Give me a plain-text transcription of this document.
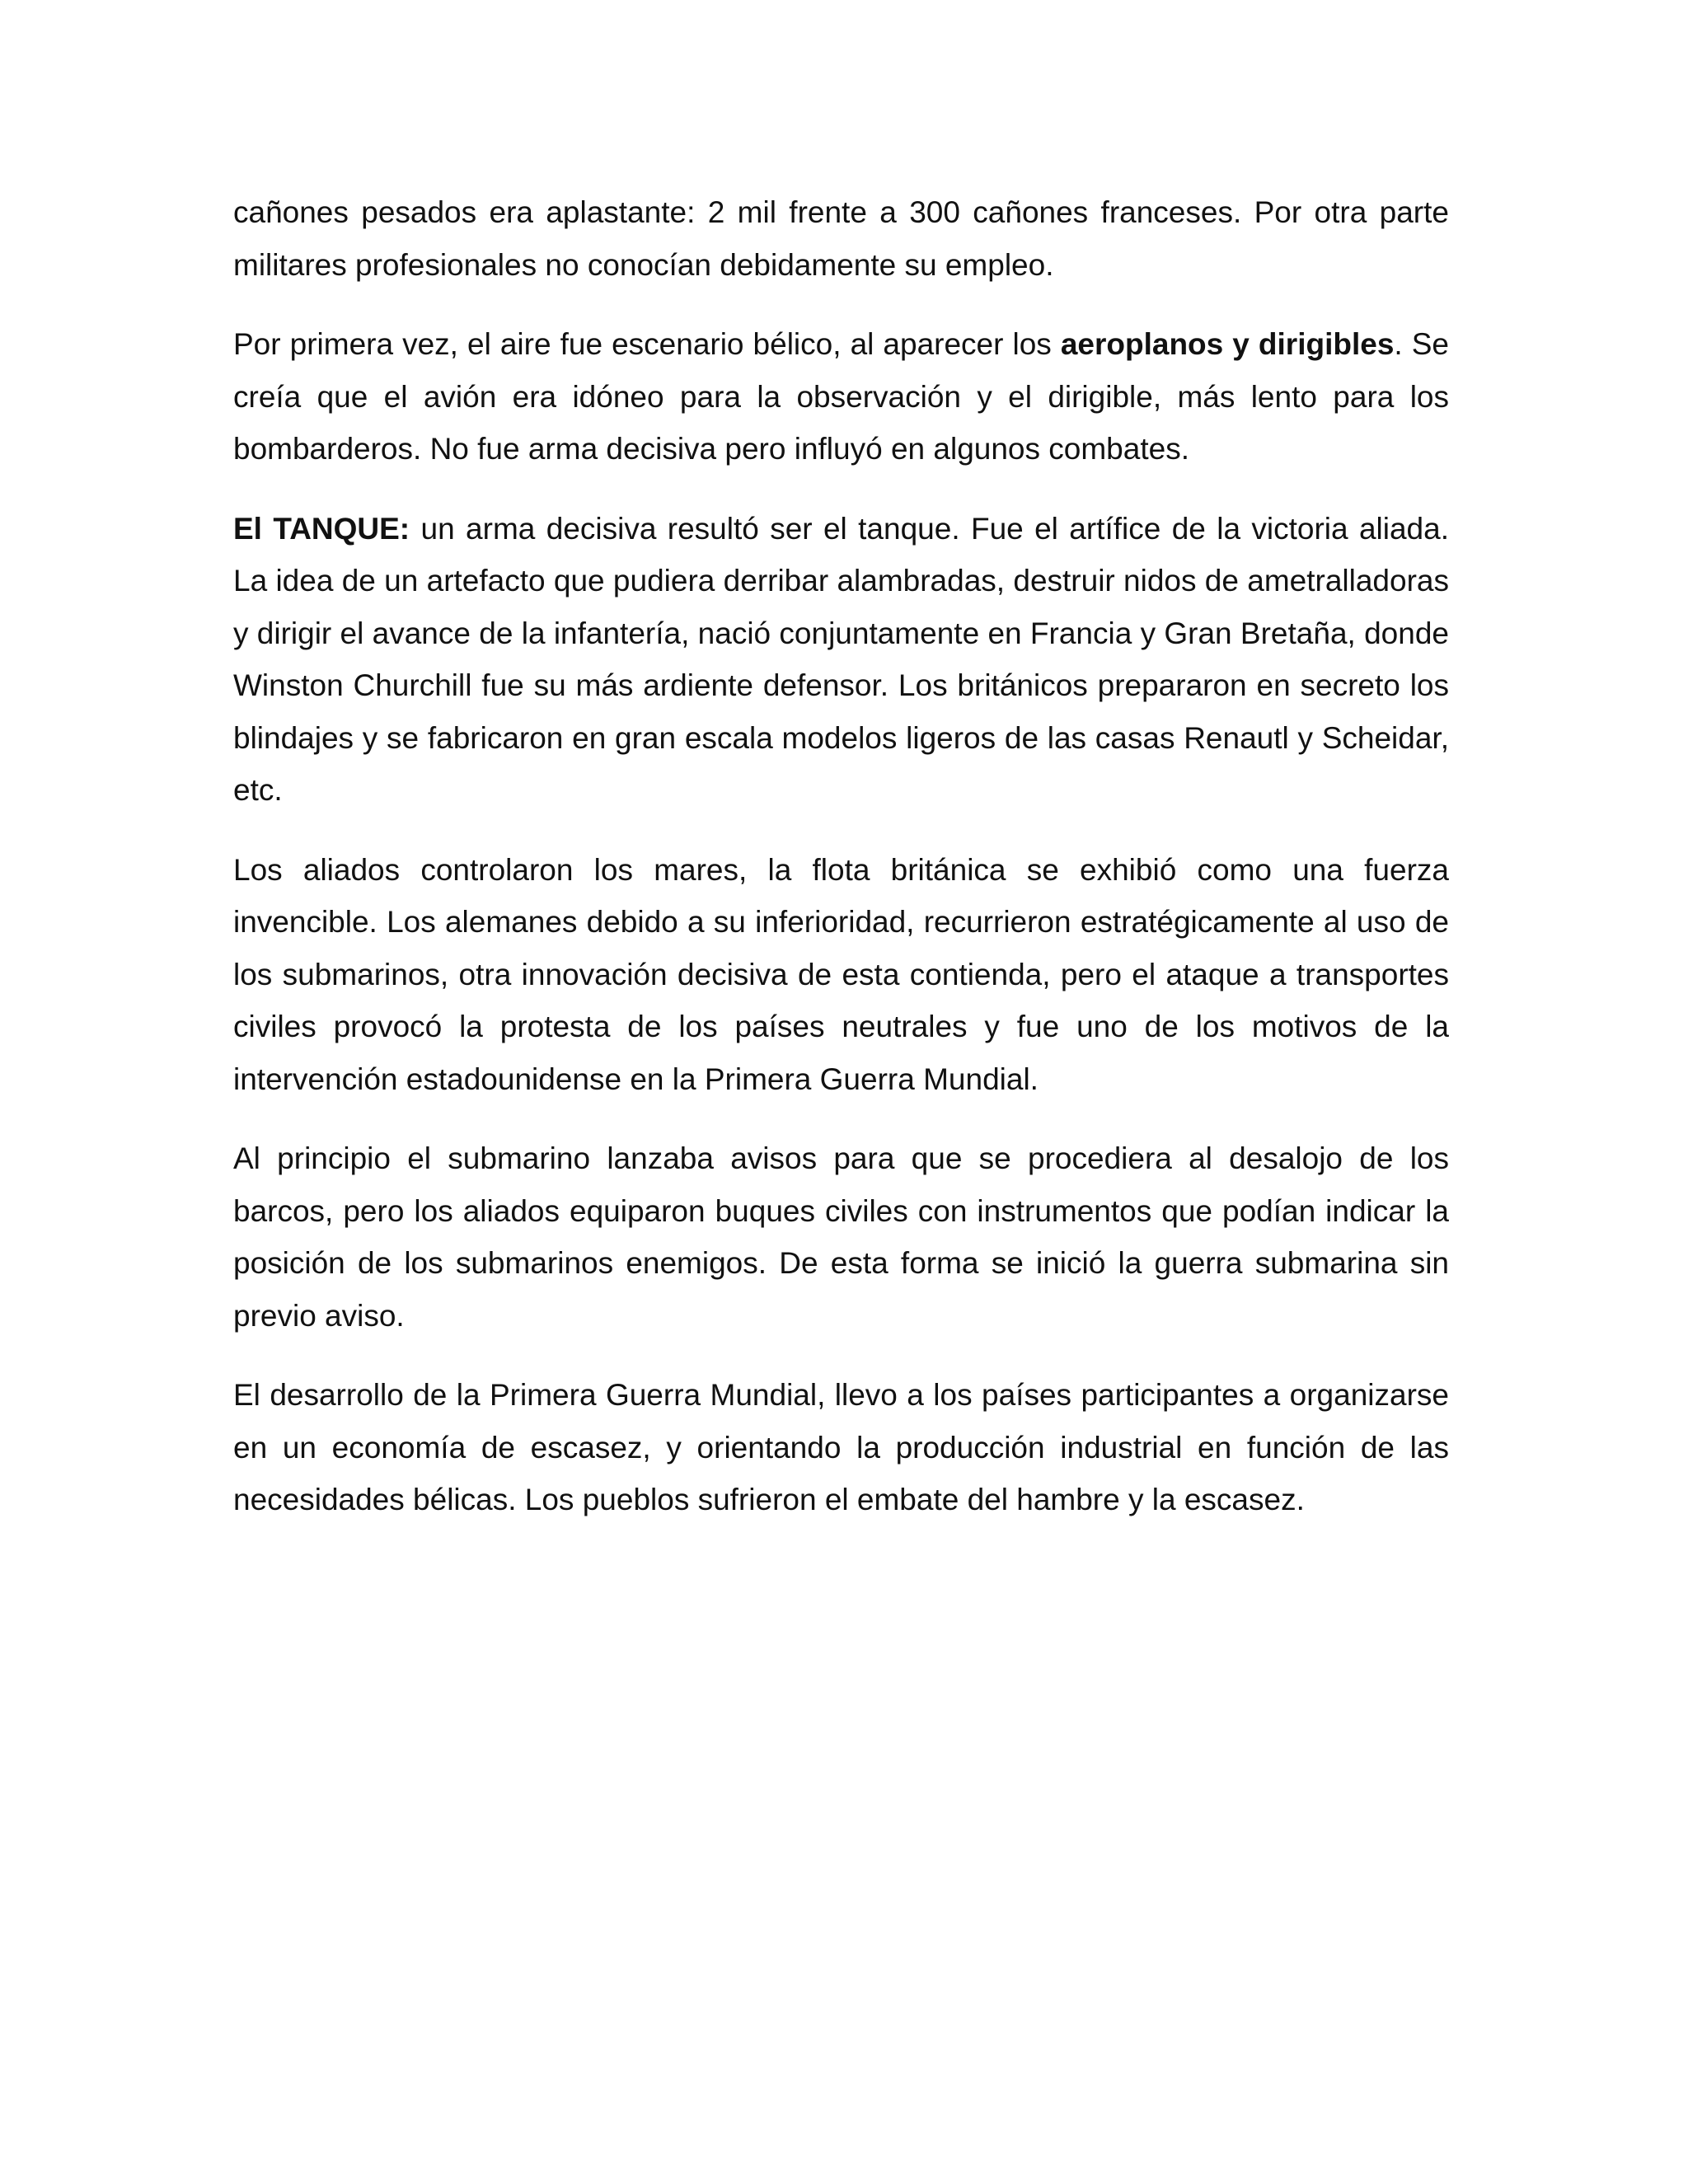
cañones pesados era aplastante: 2 mil frente a 300 cañones franceses. Por otra parte militares profesionales no conocían debidamente su empleo.

Por primera vez, el aire fue escenario bélico, al aparecer los aeroplanos y dirigibles. Se creía que el avión era idóneo para la observación y el dirigible, más lento para los bombarderos. No fue arma decisiva pero influyó en algunos combates.

El TANQUE: un arma decisiva resultó ser el tanque. Fue el artífice de la victoria aliada. La idea de un artefacto que pudiera derribar alambradas, destruir nidos de ametralladoras y dirigir el avance de la infantería, nació conjuntamente en Francia y Gran Bretaña, donde Winston Churchill fue su más ardiente defensor. Los británicos prepararon en secreto los blindajes y se fabricaron en gran escala modelos ligeros de las casas Renautl y Scheidar, etc.

Los aliados controlaron los mares, la flota británica se exhibió como una fuerza invencible. Los alemanes debido a su inferioridad, recurrieron estratégicamente al uso de los submarinos, otra innovación decisiva de esta contienda, pero el ataque a transportes civiles provocó la protesta de los países neutrales y fue uno de los motivos de la intervención estadounidense en la Primera Guerra Mundial.

Al principio el submarino lanzaba avisos para que se procediera al desalojo de los barcos, pero los aliados equiparon buques civiles con instrumentos que podían indicar la posición de los submarinos enemigos. De esta forma se inició la guerra submarina sin previo aviso.

El desarrollo de la Primera Guerra Mundial, llevo a los países participantes a organizarse en un economía de escasez, y orientando la producción industrial en función de las necesidades bélicas. Los pueblos sufrieron el embate del hambre y la escasez.
